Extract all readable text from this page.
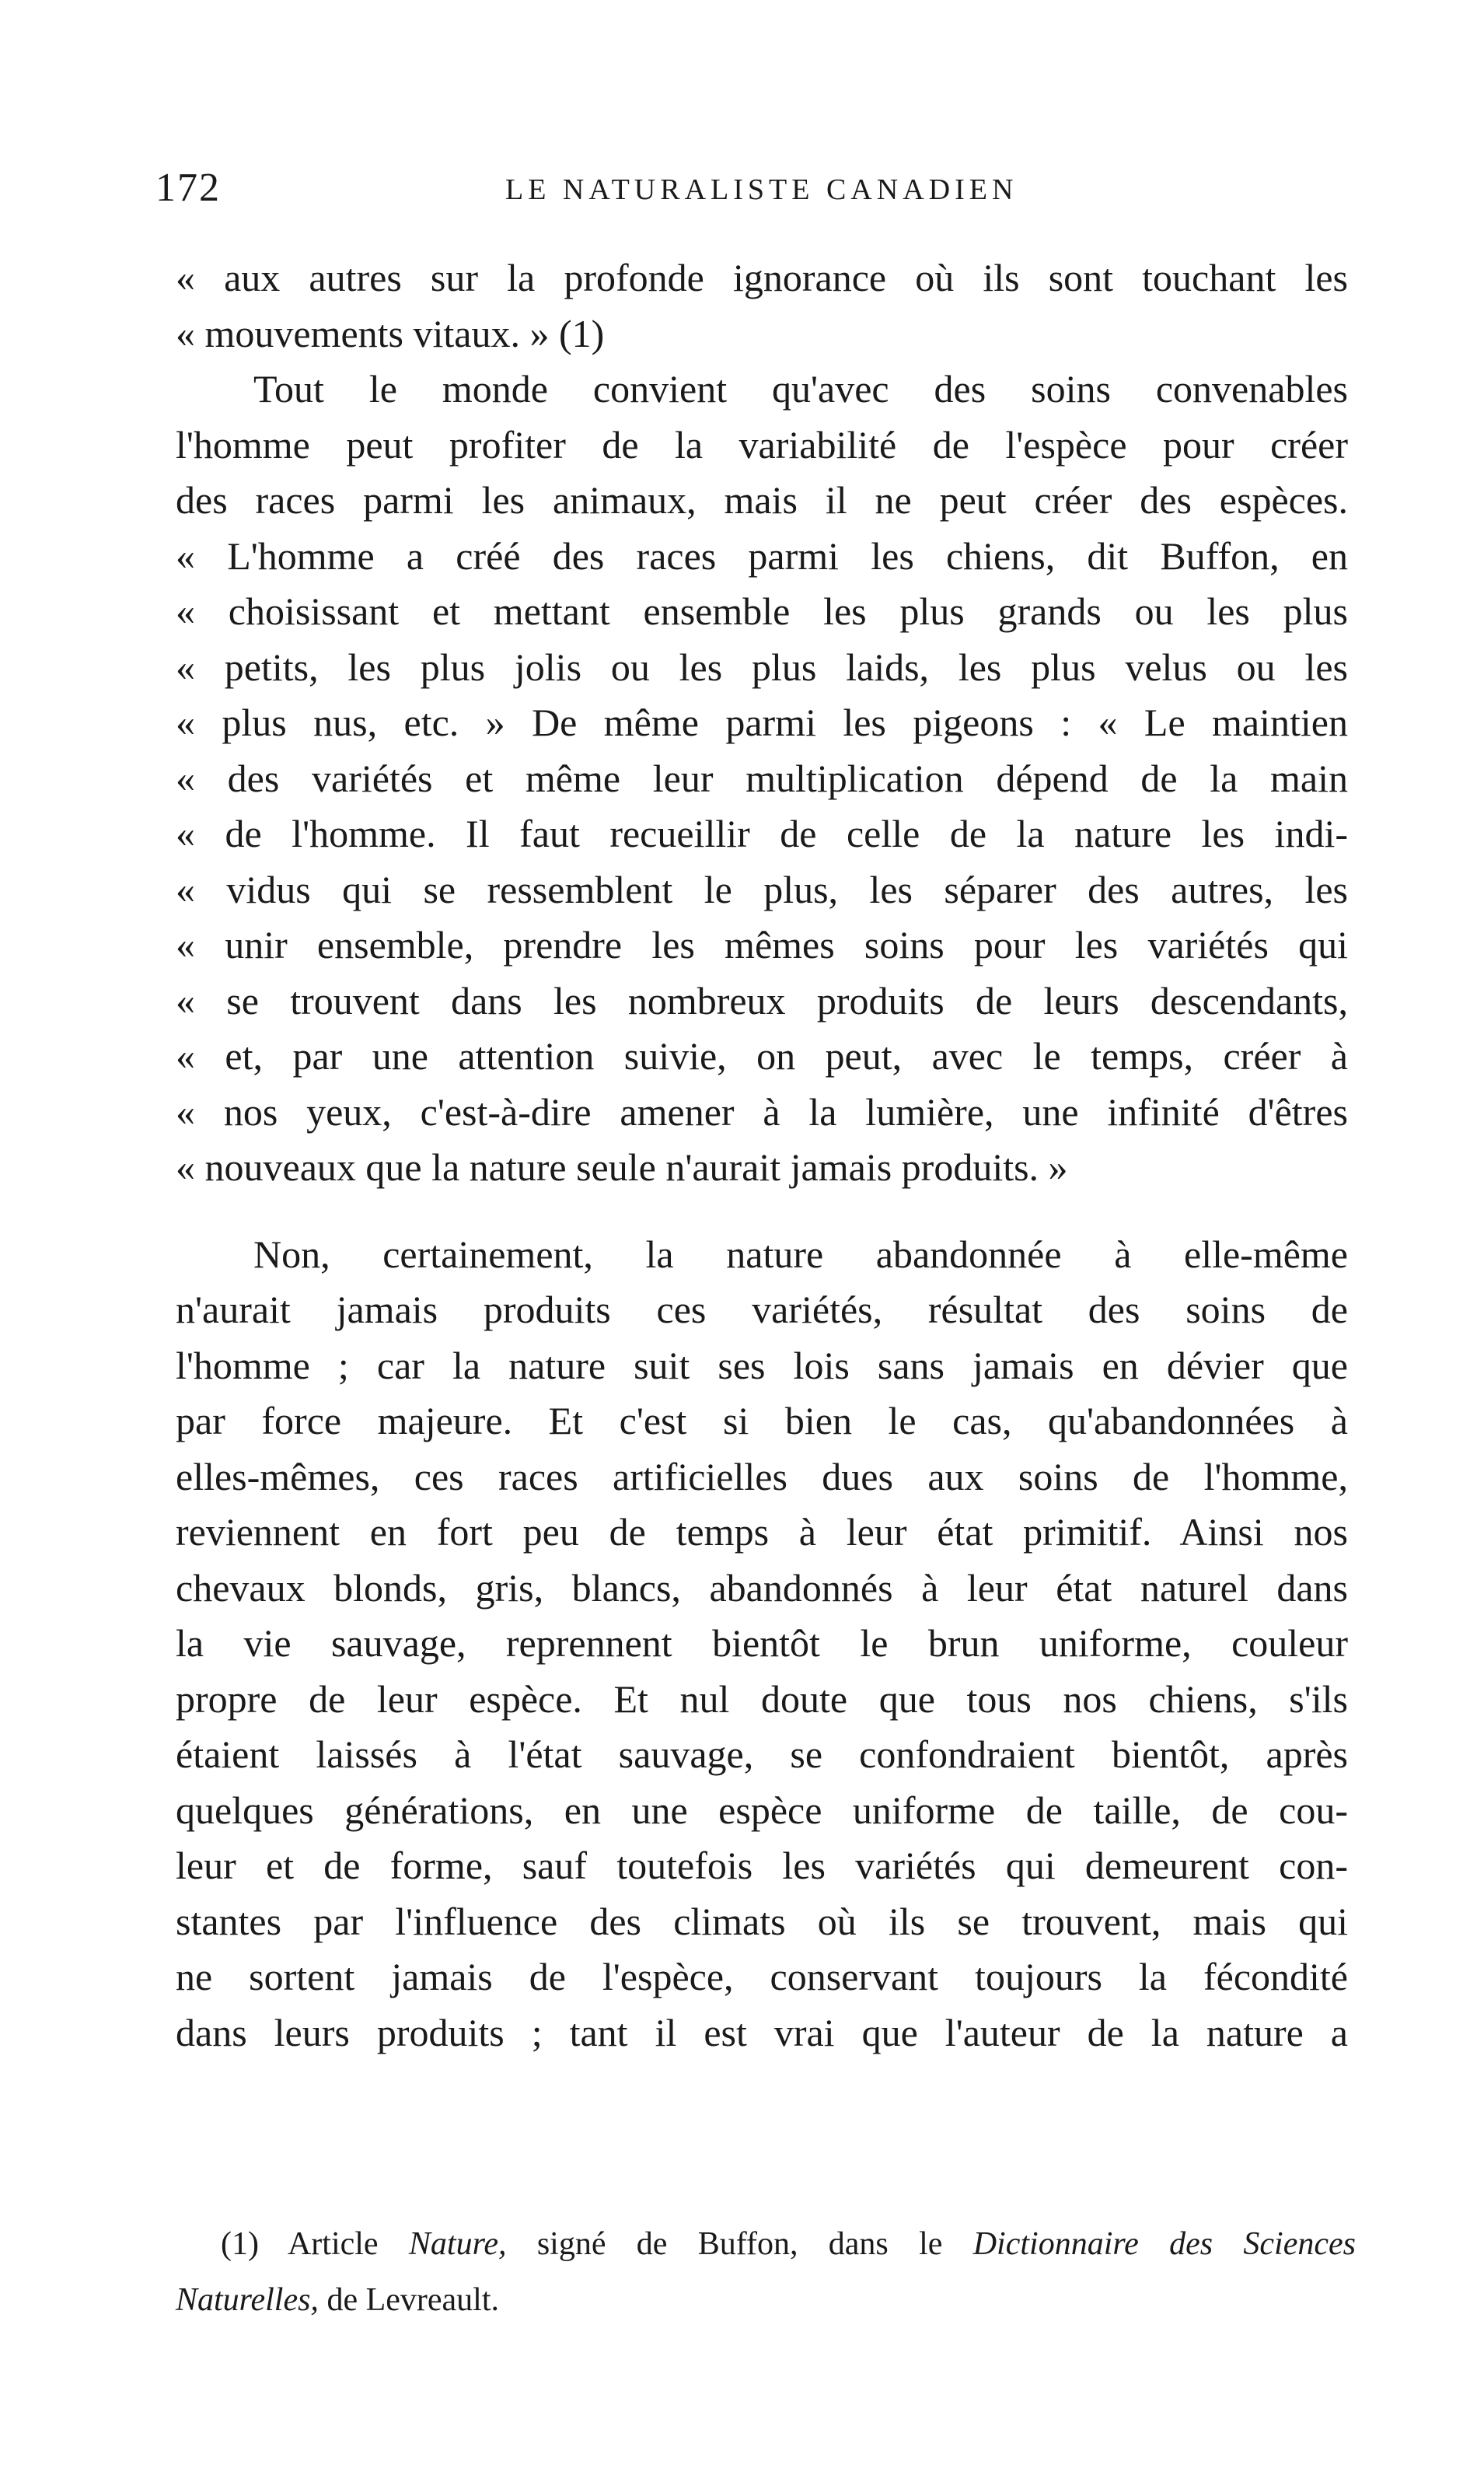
172	LE NATURALISTE CANADIEN
« aux autres sur la profonde ignorance où ils sont touchant les
« mouvements vitaux. » (1)
Tout le monde convient qu'avec des soins convenables
l'homme peut profiter de la variabilité de l'espèce pour créer
des races parmi les animaux, mais il ne peut créer des espèces.
« L'homme a créé des races parmi les chiens, dit Buffon, en
« choisissant et mettant ensemble les plus grands ou les plus
« petits, les plus jolis ou les plus laids, les plus velus ou les
« plus nus, etc. » De même parmi les pigeons : « Le maintien
« des variétés et même leur multiplication dépend de la main
« de l'homme. Il faut recueillir de celle de la nature les indi-
« vidus qui se ressemblent le plus, les séparer des autres, les
« unir ensemble, prendre les mêmes soins pour les variétés qui
« se trouvent dans les nombreux produits de leurs descendants,
« et, par une attention suivie, on peut, avec le temps, créer à
« nos yeux, c'est-à-dire amener à la lumière, une infinité d'êtres
« nouveaux que la nature seule n'aurait jamais produits. »
Non, certainement, la nature abandonnée à elle-même
n'aurait jamais produits ces variétés, résultat des soins de
l'homme ; car la nature suit ses lois sans jamais en dévier que
par force majeure. Et c'est si bien le cas, qu'abandonnées à
elles-mêmes, ces races artificielles dues aux soins de l'homme,
reviennent en fort peu de temps à leur état primitif. Ainsi nos
chevaux blonds, gris, blancs, abandonnés à leur état naturel dans
la vie sauvage, reprennent bientôt le brun uniforme, couleur
propre de leur espèce. Et nul doute que tous nos chiens, s'ils
étaient laissés à l'état sauvage, se confondraient bientôt, après
quelques générations, en une espèce uniforme de taille, de cou-
leur et de forme, sauf toutefois les variétés qui demeurent con-
stantes par l'influence des climats où ils se trouvent, mais qui
ne sortent jamais de l'espèce, conservant toujours la fécondité
dans leurs produits ; tant il est vrai que l'auteur de la nature a
(1) Article Nature, signé de Buffon, dans le Dictionnaire des Sciences
Naturelles, de Levreault.
